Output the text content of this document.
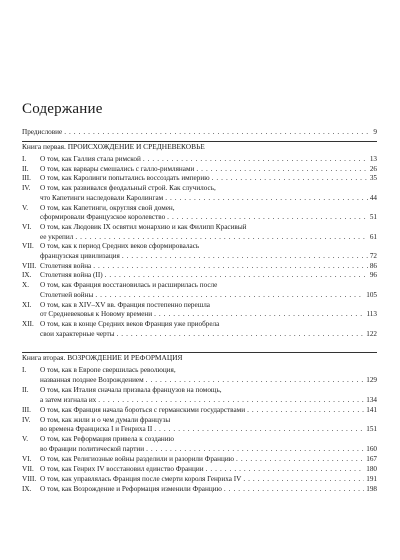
Содержание
Предисловие . . .	9
Книга первая. ПРОИСХОЖДЕНИЕ И СРЕДНЕВЕКОВЬЕ
I.	О том, как Галлия стала римской . . .	13
II.	О том, как варвары смешались с галло-римлянами . . .	26
III.	О том, как Каролинги попытались воссоздать империю . . .	35
IV.	О том, как развивался феодальный строй. Как случилось,
что Капетинги наследовали Каролингам . . .	44
V.	О том, как Капетинги, округляя свой домен,
сформировали Французское королевство . . .	51
VI.	О том, как Людовик IX освятил монархию и как Филипп Красивый
ее укрепил . . .	61
VII. О том, как к период Средних веков сформировалась
французская цивилизация . . .	72
VIII. Столетняя война . . .	86
IX.	Столетняя война (II) . . .	96
X.	О том, как Франция восстановилась и расширилась после
Столетней войны . . .	105
XI.	О том, как в XIV–XV вв. Франция постепенно перешла
от Средневековья к Новому времени . . .	113
XII. О том, как в конце Средних веков Франция уже приобрела
свои характерные черты . . .	122
Книга вторая. ВОЗРОЖДЕНИЕ И РЕФОРМАЦИЯ
I.	О том, как в Европе свершилась революция,
названная позднее Возрождением . . .	129
II.	О том, как Италия сначала призвала французов на помощь,
а затем изгнала их . . .	134
III.	О том, как Франция начала бороться с германскими государствами . . .	141
IV.	О том, как жили и о чем думали французы
во времена Франциска I и Генриха II . . .	151
V.	О том, как Реформация привела к созданию
во Франции политической партии . . .	160
VI.	О том, как Религиозные войны разделили и разорили Францию . . .	167
VII. О том, как Генрих IV восстановил единство Франции . . .	180
VIII. О том, как управлялась Франция после смерти короля Генриха IV . . .	191
IX.	О том, как Возрождение и Реформация изменили Францию . . .	198
